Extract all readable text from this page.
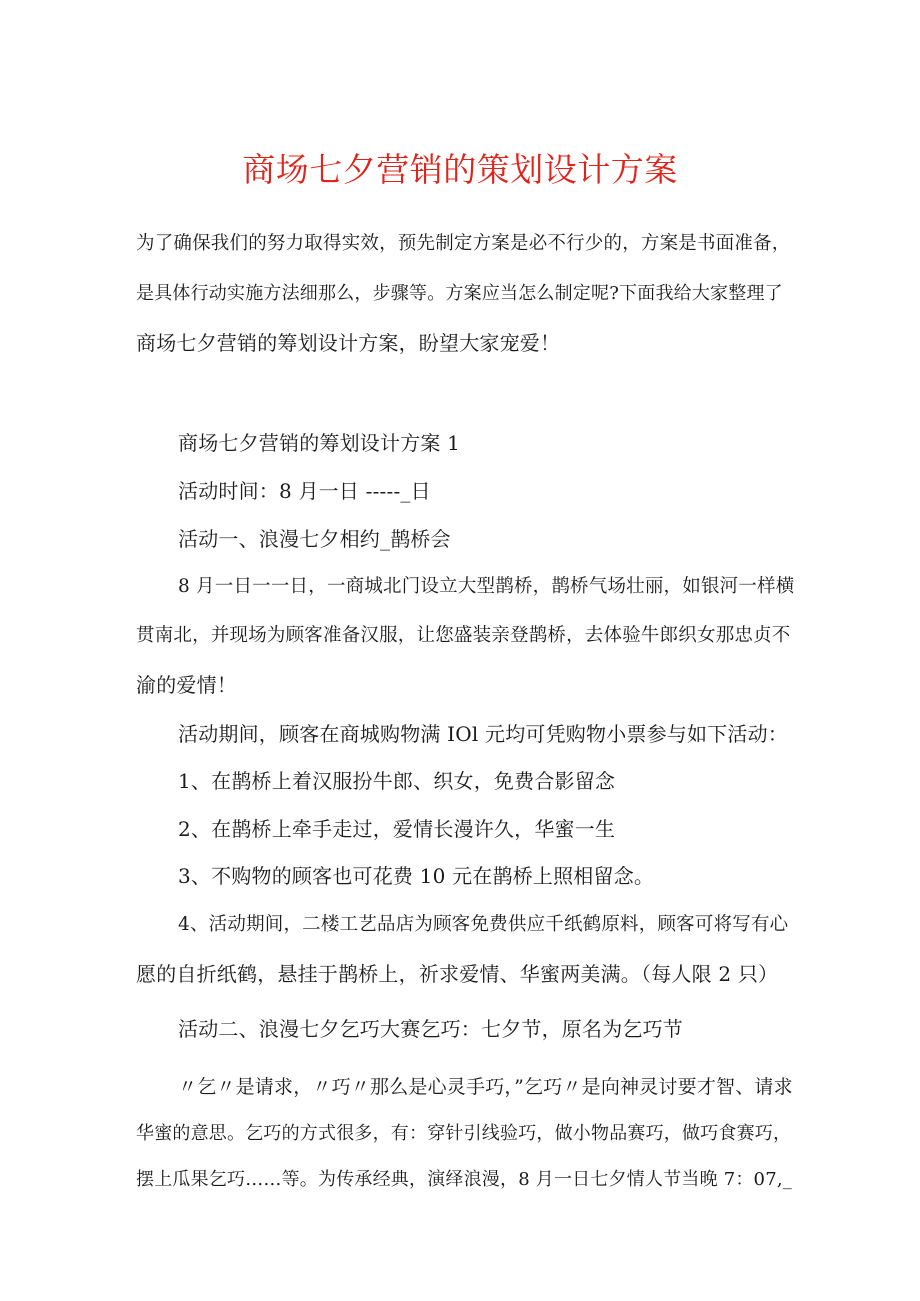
商场七夕营销的策划设计方案
为了确保我们的努力取得实效，预先制定方案是必不行少的，方案是书面准备，
是具体行动实施方法细那么，步骤等。方案应当怎么制定呢?下面我给大家整理了
商场七夕营销的筹划设计方案，盼望大家宠爱！
商场七夕营销的筹划设计方案 1
活动时间：8 月一日 -----_日
活动一、浪漫七夕相约_鹊桥会
8 月一日一一日，一商城北门设立大型鹊桥，鹊桥气场壮丽，如银河一样横
贯南北，并现场为顾客准备汉服，让您盛装亲登鹊桥，去体验牛郎织女那忠贞不
渝的爱情！
活动期间，顾客在商城购物满 IOl 元均可凭购物小票参与如下活动：
1、在鹊桥上着汉服扮牛郎、织女，免费合影留念
2、在鹊桥上牵手走过，爱情长漫许久，华蜜一生
3、不购物的顾客也可花费 10 元在鹊桥上照相留念。
4、活动期间，二楼工艺品店为顾客免费供应千纸鹤原料，顾客可将写有心
愿的自折纸鹤，悬挂于鹊桥上，祈求爱情、华蜜两美满。（每人限 2 只）
活动二、浪漫七夕乞巧大赛乞巧：七夕节，原名为乞巧节
〃乞〃是请求，〃巧〃那么是心灵手巧，”乞巧〃是向神灵讨要才智、请求
华蜜的意思。乞巧的方式很多，有：穿针引线验巧，做小物品赛巧，做巧食赛巧，
摆上瓜果乞巧……等。为传承经典，演绎浪漫，8 月一日七夕情人节当晚 7：07,_
